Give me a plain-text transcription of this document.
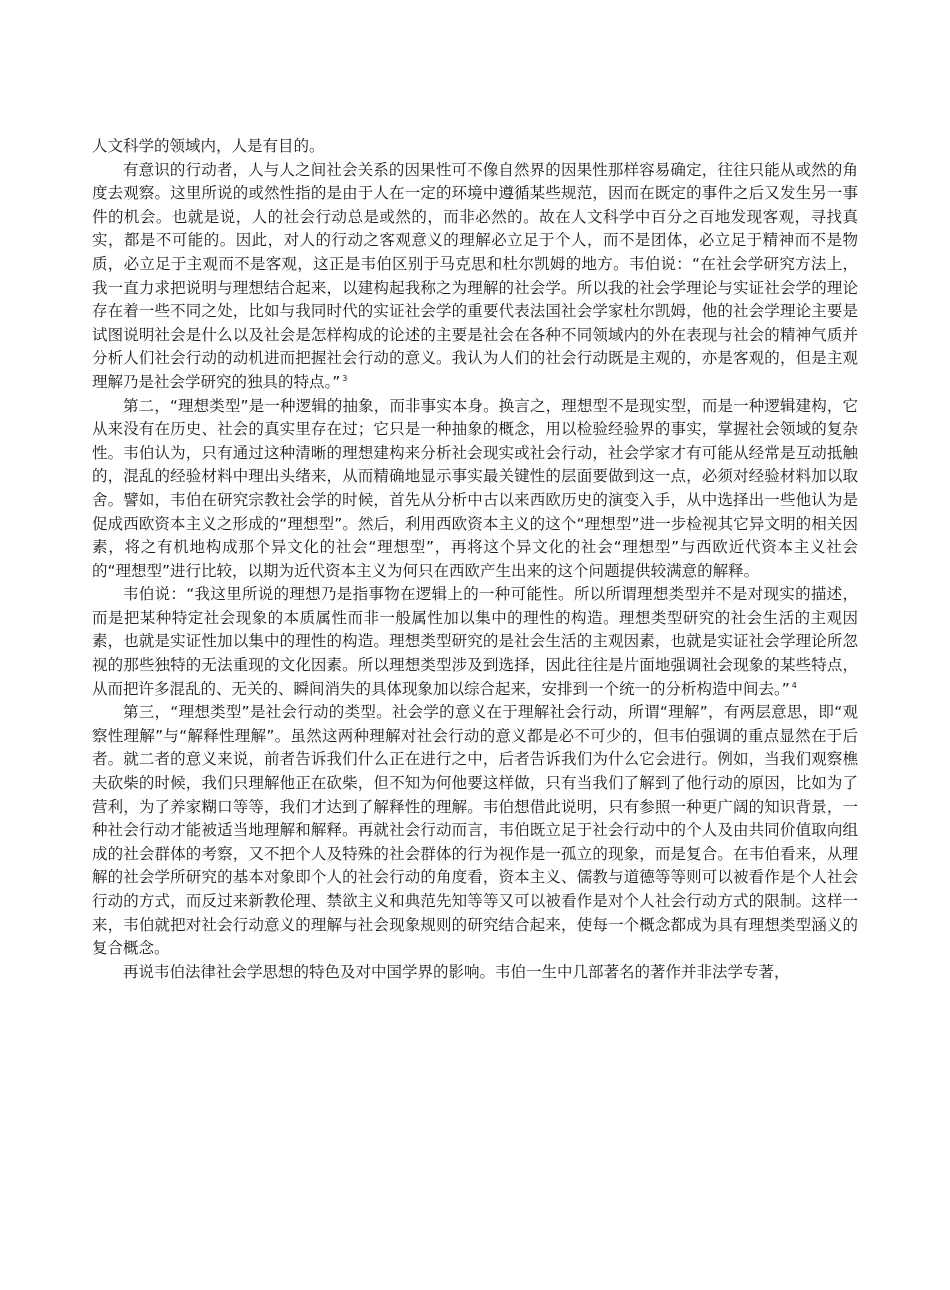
人文科学的领域内，人是有目的。

有意识的行动者，人与人之间社会关系的因果性可不像自然界的因果性那样容易确定，往往只能从或然的角度去观察。这里所说的或然性指的是由于人在一定的环境中遵循某些规范，因而在既定的事件之后又发生另一事件的机会。也就是说，人的社会行动总是或然的，而非必然的。故在人文科学中百分之百地发现客观，寻找真实，都是不可能的。因此，对人的行动之客观意义的理解必立足于个人，而不是团体，必立足于精神而不是物质，必立足于主观而不是客观，这正是韦伯区别于马克思和杜尔凯姆的地方。韦伯说：“在社会学研究方法上，我一直力求把说明与理想结合起来，以建构起我称之为理解的社会学。所以我的社会学理论与实证社会学的理论存在着一些不同之处，比如与我同时代的实证社会学的重要代表法国社会学家杜尔凯姆，他的社会学理论主要是试图说明社会是什么以及社会是怎样构成的论述的主要是社会在各种不同领域内的外在表现与社会的精神气质并分析人们社会行动的动机进而把握社会行动的意义。我认为人们的社会行动既是主观的，亦是客观的，但是主观理解乃是社会学研究的独具的特点。” $^3$

第二，“理想类型”是一种逻辑的抽象，而非事实本身。换言之，理想型不是现实型，而是一种逻辑建构，它从来没有在历史、社会的真实里存在过；它只是一种抽象的概念，用以检验经验界的事实，掌握社会领域的复杂性。韦伯认为，只有通过这种清晰的理想建构来分析社会现实或社会行动，社会学家才有可能从经常是互动抵触的，混乱的经验材料中理出头绪来，从而精确地显示事实最关键性的层面要做到这一点，必须对经验材料加以取舍。譬如，韦伯在研究宗教社会学的时候，首先从分析中古以来西欧历史的演变入手，从中选择出一些他认为是促成西欧资本主义之形成的“理想型”。然后，利用西欧资本主义的这个“理想型”进一步检视其它异文明的相关因素，将之有机地构成那个异文化的社会“理想型”，再将这个异文化的社会“理想型”与西欧近代资本主义社会的“理想型”进行比较，以期为近代资本主义为何只在西欧产生出来的这个问题提供较满意的解释。

韦伯说：“我这里所说的理想乃是指事物在逻辑上的一种可能性。所以所谓理想类型并不是对现实的描述，而是把某种特定社会现象的本质属性而非一般属性加以集中的理性的构造。理想类型研究的社会生活的主观因素，也就是实证性加以集中的理性的构造。理想类型研究的是社会生活的主观因素，也就是实证社会学理论所忽视的那些独特的无法重现的文化因素。所以理想类型涉及到选择，因此往往是片面地强调社会现象的某些特点，从而把许多混乱的、无关的、瞬间消失的具体现象加以综合起来，安排到一个统一的分析构造中间去。” $^4$

第三，“理想类型”是社会行动的类型。社会学的意义在于理解社会行动，所谓“理解”，有两层意思，即“观察性理解”与“解释性理解”。虽然这两种理解对社会行动的意义都是必不可少的，但韦伯强调的重点显然在于后者。就二者的意义来说，前者告诉我们什么正在进行之中，后者告诉我们为什么它会进行。例如，当我们观察樵夫砍柴的时候，我们只理解他正在砍柴，但不知为何他要这样做，只有当我们了解到了他行动的原因，比如为了营利，为了养家糊口等等，我们才达到了解释性的理解。韦伯想借此说明，只有参照一种更广阔的知识背景，一种社会行动才能被适当地理解和解释。再就社会行动而言，韦伯既立足于社会行动中的个人及由共同价值取向组成的社会群体的考察，又不把个人及特殊的社会群体的行为视作是一孤立的现象，而是复合。在韦伯看来，从理解的社会学所研究的基本对象即个人的社会行动的角度看，资本主义、儒教与道德等等则可以被看作是个人社会行动的方式，而反过来新教伦理、禁欲主义和典范先知等等又可以被看作是对个人社会行动方式的限制。这样一来，韦伯就把对社会行动意义的理解与社会现象规则的研究结合起来，使每一个概念都成为具有理想类型涵义的复合概念。

再说韦伯法律社会学思想的特色及对中国学界的影响。韦伯一生中几部著名的著作并非法学专著，
